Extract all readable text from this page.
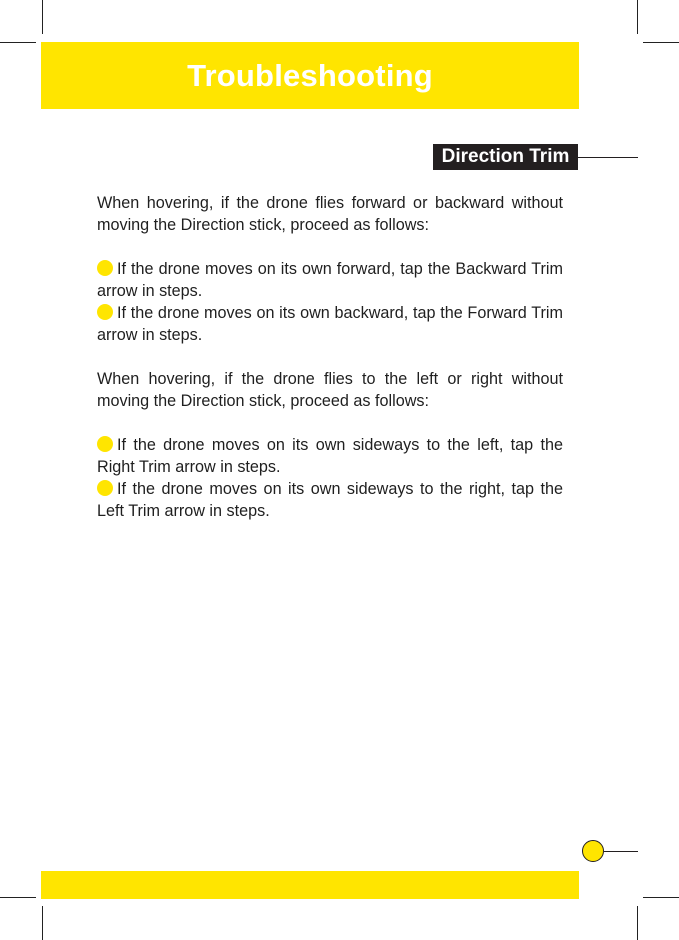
Troubleshooting
Direction Trim

When hovering, if the drone flies forward or backward without moving the Direction stick, proceed as follows:

If the drone moves on its own forward, tap the Backward Trim arrow in steps.

If the drone moves on its own backward, tap the Forward Trim arrow in steps.

When hovering, if the drone flies to the left or right without moving the Direction stick, proceed as follows:

If the drone moves on its own sideways to the left, tap the Right Trim arrow in steps.

If the drone moves on its own sideways to the right, tap the Left Trim arrow in steps.
